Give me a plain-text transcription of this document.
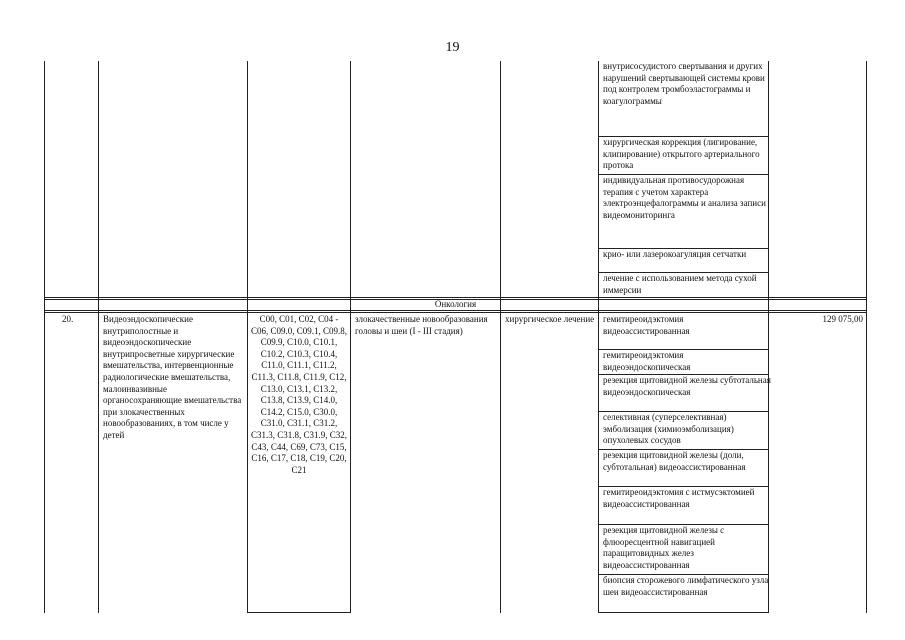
19
Онкология
внутрисосудистого свертывания и других нарушений свертывающей системы крови под контролем тромбоэластограммы и коагулограммы
хирургическая коррекция (лигирование, клипирование) открытого артериального протока
индивидуальная противосудорожная терапия с учетом характера электроэнцефалограммы и анализа записи видеомониторинга
крио- или лазерокоагуляция сетчатки
лечение с использованием метода сухой иммерсии
20.	Видеоэндоскопические внутриполостные и видеоэндоскопические внутрипросветные хирургические вмешательства, интервенционные радиологические вмешательства, малоинвазивные органосохраняющие вмешательства при злокачественных новообразованиях, в том числе у детей
C00, C01, C02, C04 - C06, C09.0, C09.1, C09.8, C09.9, C10.0, C10.1, C10.2, C10.3, C10.4, C11.0, C11.1, C11.2, C11.3, C11.8, C11.9, C12, C13.0, C13.1, C13.2, C13.8, C13.9, C14.0, C14.2, C15.0, C30.0, C31.0, C31.1, C31.2, C31.3, C31.8, C31.9, C32, C43, C44, C69, C73, C15, C16, C17, C18, C19, C20, C21
злокачественные новообразования головы и шеи (I - III стадия)
хирургическое лечение	129 075,00
гемитиреоидэктомия видеоассистированная
гемитиреоидэктомия видеоэндоскопическая
резекция щитовидной железы субтотальная видеоэндоскопическая
селективная (суперселективная) эмболизация (химиоэмболизация) опухолевых сосудов
резекция щитовидной железы (доли, субтотальная) видеоассистированная
гемитиреоидэктомия с истмусэктомией видеоассистированная
резекция щитовидной железы с флюоресцентной навигацией паращитовидных желез видеоассистированная
биопсия сторожевого лимфатического узла шеи видеоассистированная
